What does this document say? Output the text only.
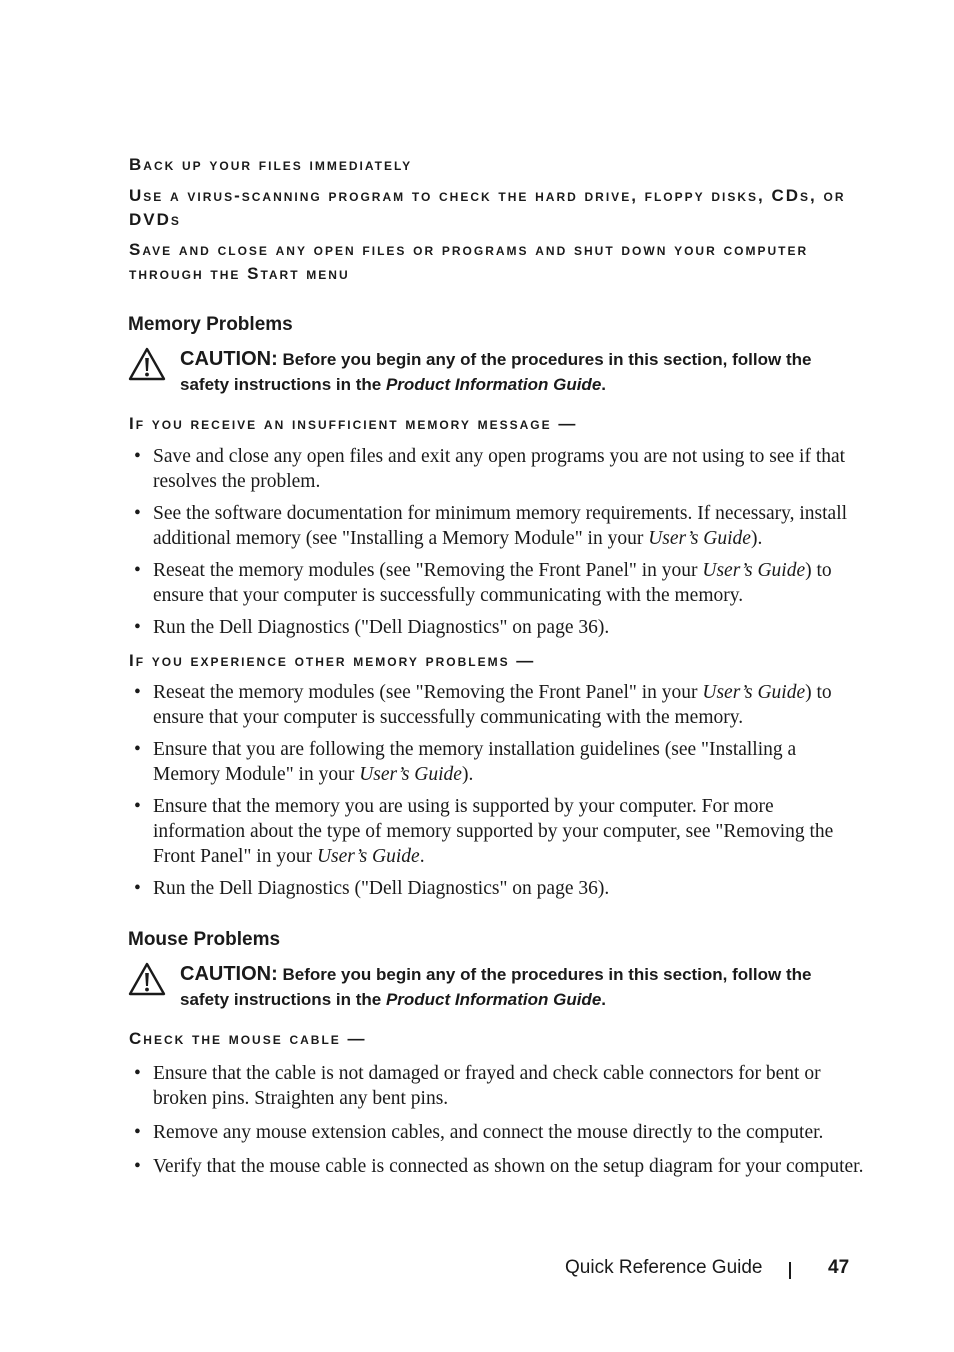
Back up your files immediately
Use a virus-scanning program to check the hard drive, floppy disks, CDs, or DVDs
Save and close any open files or programs and shut down your computer through the Start menu
Memory Problems
CAUTION: Before you begin any of the procedures in this section, follow the safety instructions in the Product Information Guide.
If you receive an insufficient memory message —
• Save and close any open files and exit any open programs you are not using to see if that resolves the problem.
• See the software documentation for minimum memory requirements. If necessary, install additional memory (see "Installing a Memory Module" in your User’s Guide).
• Reseat the memory modules (see "Removing the Front Panel" in your User’s Guide) to ensure that your computer is successfully communicating with the memory.
• Run the Dell Diagnostics ("Dell Diagnostics" on page 36).
If you experience other memory problems —
• Reseat the memory modules (see "Removing the Front Panel" in your User’s Guide) to ensure that your computer is successfully communicating with the memory.
• Ensure that you are following the memory installation guidelines (see "Installing a Memory Module" in your User’s Guide).
• Ensure that the memory you are using is supported by your computer. For more information about the type of memory supported by your computer, see "Removing the Front Panel" in your User’s Guide.
• Run the Dell Diagnostics ("Dell Diagnostics" on page 36).
Mouse Problems
CAUTION: Before you begin any of the procedures in this section, follow the safety instructions in the Product Information Guide.
Check the mouse cable —
• Ensure that the cable is not damaged or frayed and check cable connectors for bent or broken pins. Straighten any bent pins.
• Remove any mouse extension cables, and connect the mouse directly to the computer.
• Verify that the mouse cable is connected as shown on the setup diagram for your computer.
Quick Reference Guide	47
